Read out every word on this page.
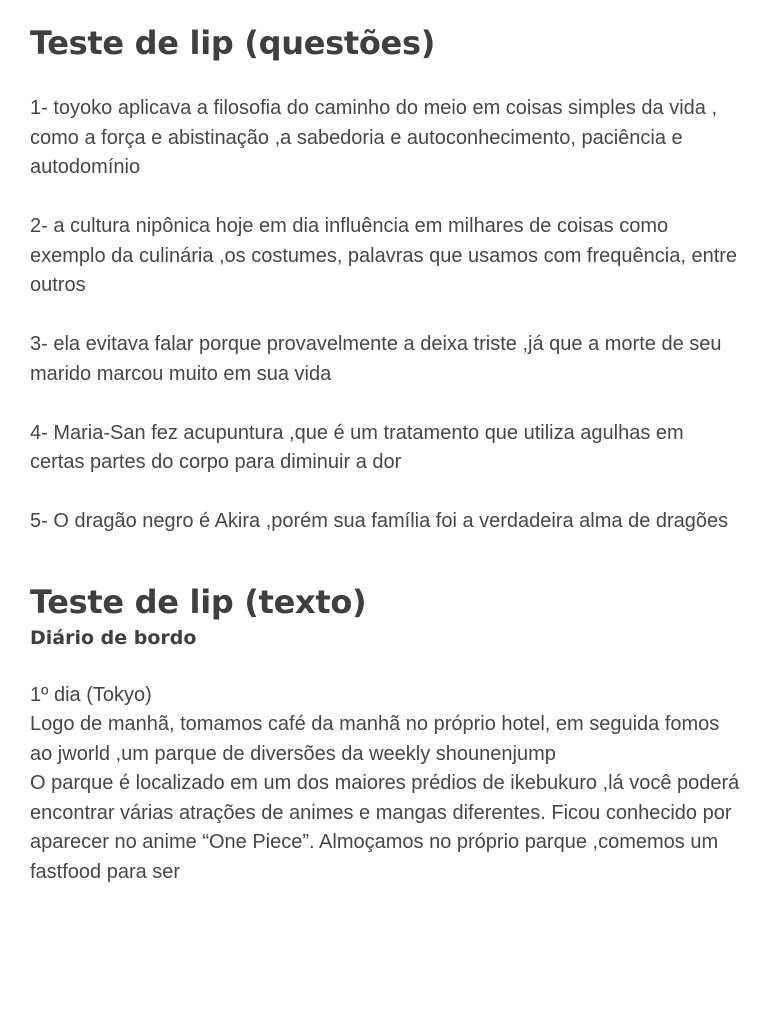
Teste de lip (questões)

1- toyoko aplicava a filosofia do caminho do meio em coisas simples da vida , como a força e abistinação ,a sabedoria e autoconhecimento, paciência e autodomínio

2- a cultura nipônica hoje em dia influência em milhares de coisas como exemplo da culinária ,os costumes, palavras que usamos com frequência, entre outros

3- ela evitava falar porque provavelmente a deixa triste ,já que a morte de seu marido marcou muito em sua vida

4- Maria-San fez acupuntura ,que é um tratamento que utiliza agulhas em certas partes do corpo para diminuir a dor

5- O dragão negro é Akira ,porém sua família foi a verdadeira alma de dragões

Teste de lip (texto)
Diário de bordo

1º dia (Tokyo)

Logo de manhã, tomamos café da manhã no próprio hotel, em seguida fomos ao jworld ,um parque de diversões da weekly shounenjump

O parque é localizado em um dos maiores prédios de ikebukuro ,lá você poderá encontrar várias atrações de animes e mangas diferentes. Ficou conhecido por aparecer no anime “One Piece”. Almoçamos no próprio parque ,comemos um fastfood para ser
